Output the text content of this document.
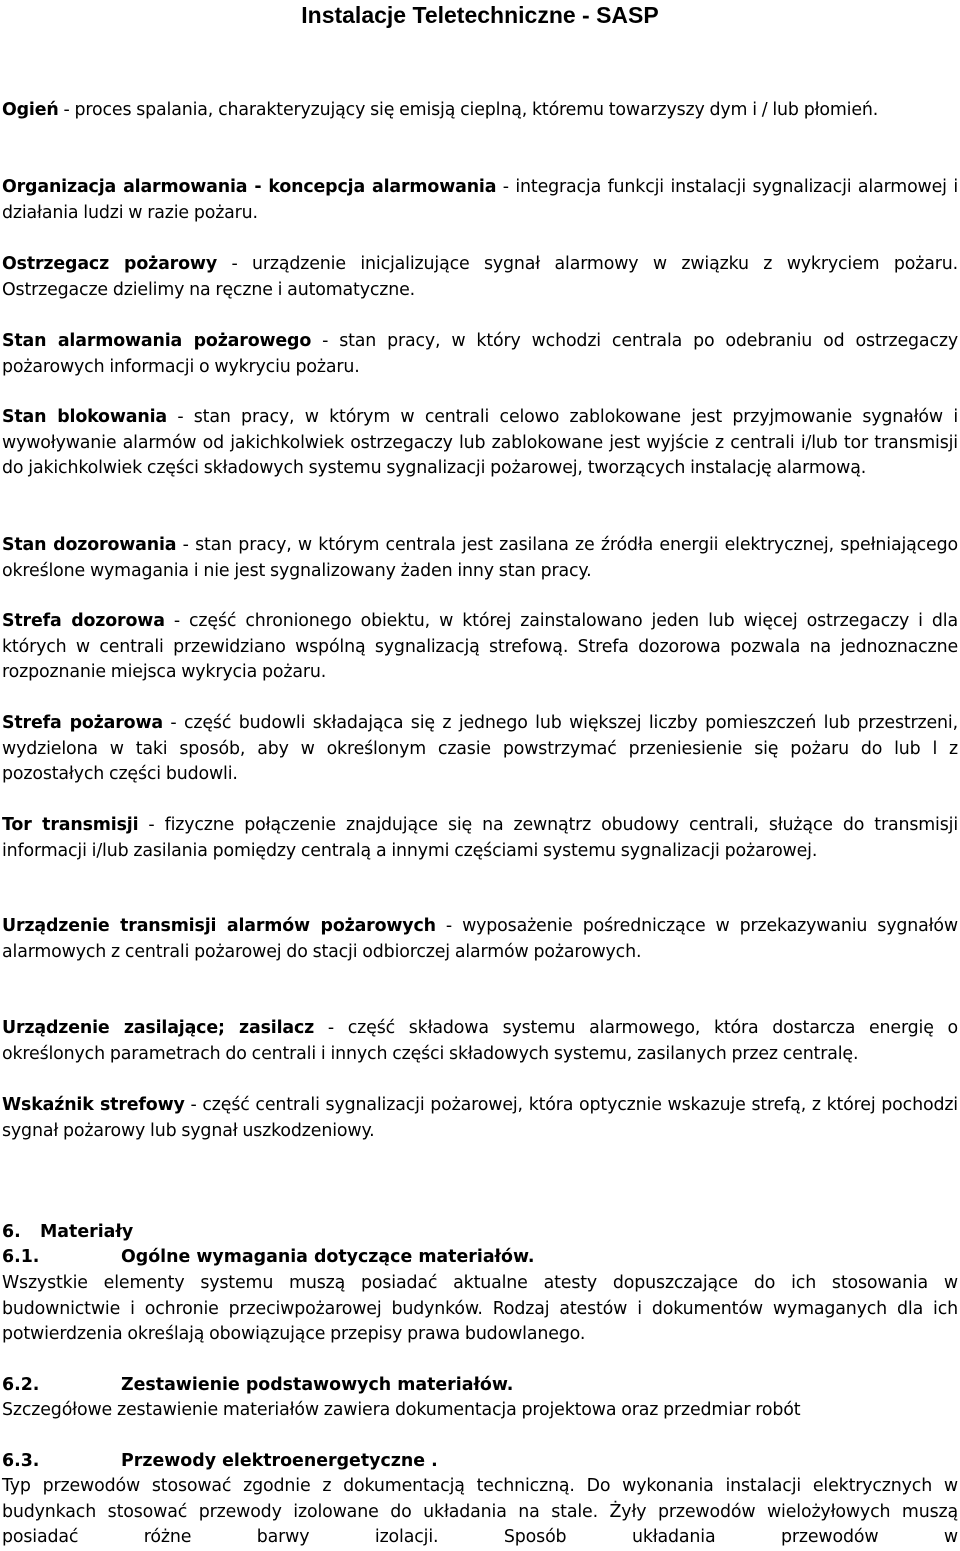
Instalacje Teletechniczne - SASP

Ogień - proces spalania, charakteryzujący się emisją cieplną, któremu towarzyszy dym i / lub płomień.

Organizacja alarmowania - koncepcja alarmowania - integracja funkcji instalacji sygnalizacji alarmowej i działania ludzi w razie pożaru.

Ostrzegacz pożarowy - urządzenie inicjalizujące sygnał alarmowy w związku z wykryciem pożaru. Ostrzegacze dzielimy na ręczne i automatyczne.

Stan alarmowania pożarowego - stan pracy, w który wchodzi centrala po odebraniu od ostrzegaczy pożarowych informacji o wykryciu pożaru.

Stan blokowania - stan pracy, w którym w centrali celowo zablokowane jest przyjmowanie sygnałów i wywoływanie alarmów od jakichkolwiek ostrzegaczy lub zablokowane jest wyjście z centrali i/lub tor transmisji do jakichkolwiek części składowych systemu sygnalizacji pożarowej, tworzących instalację alarmową.

Stan dozorowania - stan pracy, w którym centrala jest zasilana ze źródła energii elektrycznej, spełniającego określone wymagania i nie jest sygnalizowany żaden inny stan pracy.

Strefa dozorowa - część chronionego obiektu, w której zainstalowano jeden lub więcej ostrzegaczy i dla których w centrali przewidziano wspólną sygnalizacją strefową. Strefa dozorowa pozwala na jednoznaczne rozpoznanie miejsca wykrycia pożaru.

Strefa pożarowa - część budowli składająca się z jednego lub większej liczby pomieszczeń lub przestrzeni, wydzielona w taki sposób, aby w określonym czasie powstrzymać przeniesienie się pożaru do lub l z pozostałych części budowli.

Tor transmisji - fizyczne połączenie znajdujące się na zewnątrz obudowy centrali, służące do transmisji informacji i/lub zasilania pomiędzy centralą a innymi częściami systemu sygnalizacji pożarowej.

Urządzenie transmisji alarmów pożarowych - wyposażenie pośredniczące w przekazywaniu sygnałów alarmowych z centrali pożarowej do stacji odbiorczej alarmów pożarowych.

Urządzenie zasilające; zasilacz - część składowa systemu alarmowego, która dostarcza energię o określonych parametrach do centrali i innych części składowych systemu, zasilanych przez centralę.

Wskaźnik strefowy - część centrali sygnalizacji pożarowej, która optycznie wskazuje strefą, z której pochodzi sygnał pożarowy lub sygnał uszkodzeniowy.

6. Materiały
6.1.	Ogólne wymagania dotyczące materiałów.

Wszystkie elementy systemu muszą posiadać aktualne atesty dopuszczające do ich stosowania w budownictwie i ochronie przeciwpożarowej budynków. Rodzaj atestów i dokumentów wymaganych dla ich potwierdzenia określają obowiązujące przepisy prawa budowlanego.

6.2.	Zestawienie podstawowych materiałów.

Szczegółowe zestawienie materiałów zawiera dokumentacja projektowa oraz przedmiar robót

6.3.	Przewody elektroenergetyczne .

Typ przewodów stosować zgodnie z dokumentacją techniczną. Do wykonania instalacji elektrycznych w budynkach stosować przewody izolowane do układania na stale. Żyły przewodów wielożyłowych muszą posiadać różne barwy izolacji. Sposób układania przewodów w
